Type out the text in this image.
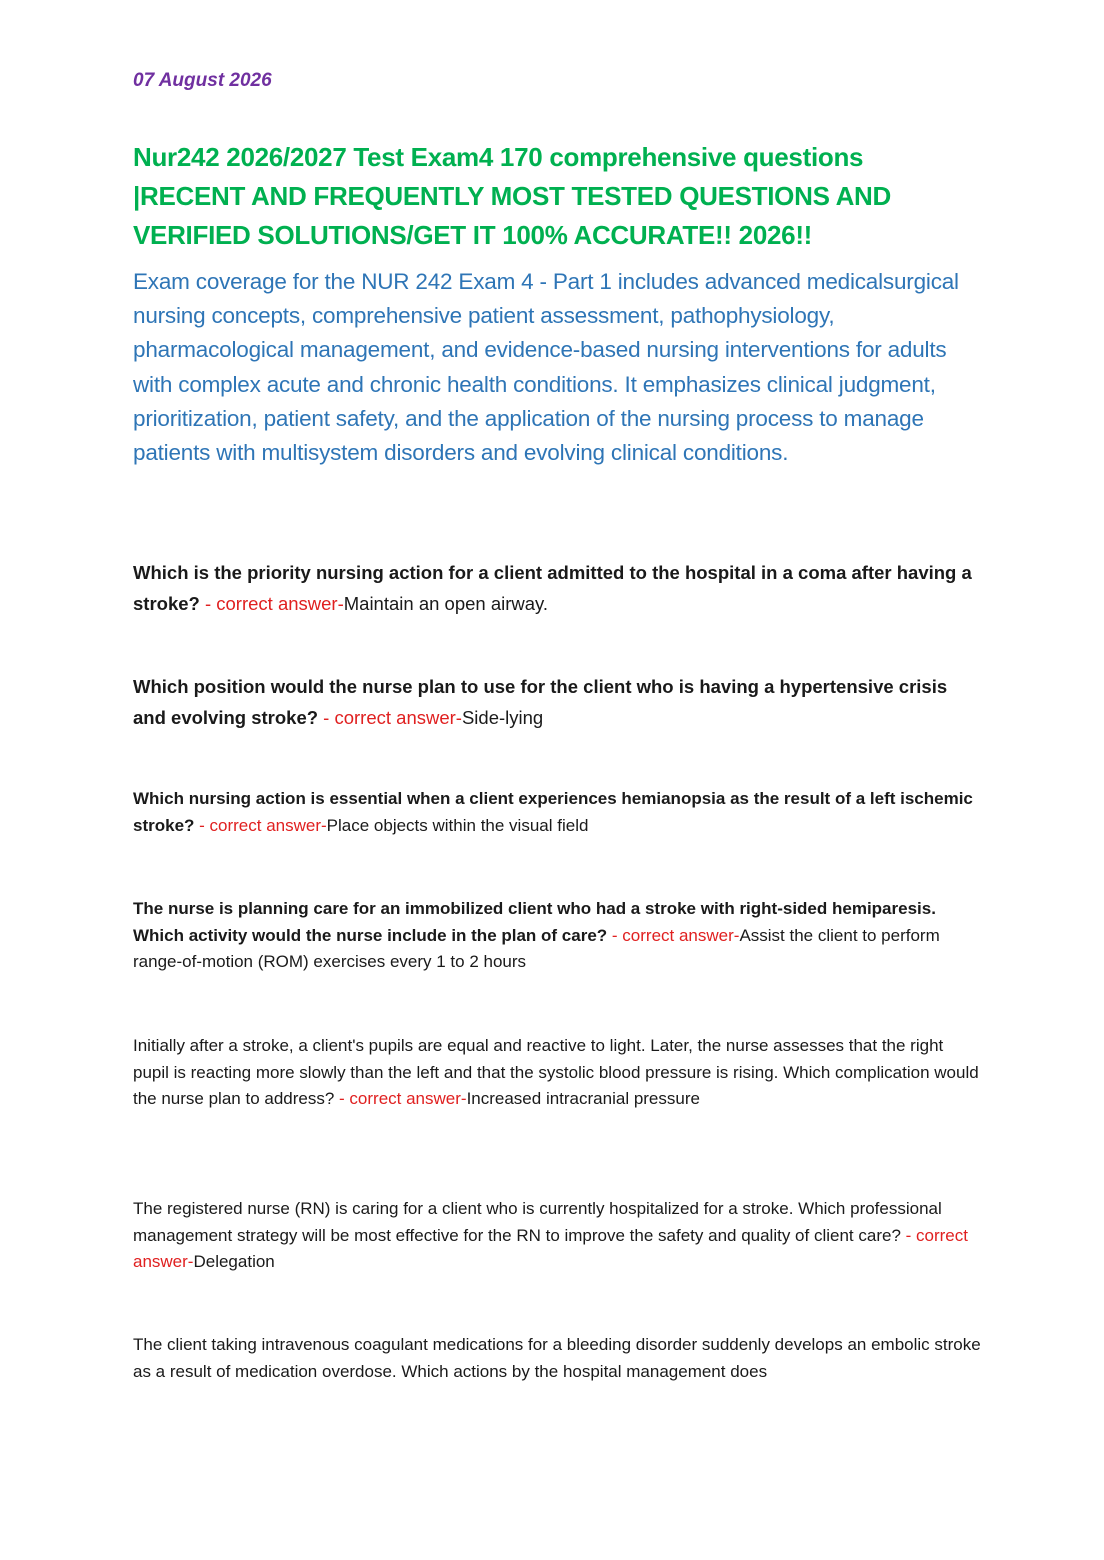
07 August 2026
Nur242 2026/2027 Test Exam4 170 comprehensive questions |RECENT AND FREQUENTLY MOST TESTED QUESTIONS AND VERIFIED SOLUTIONS/GET IT 100% ACCURATE!! 2026!!
Exam coverage for the NUR 242 Exam 4 - Part 1 includes advanced medicalsurgical nursing concepts, comprehensive patient assessment, pathophysiology, pharmacological management, and evidence-based nursing interventions for adults with complex acute and chronic health conditions. It emphasizes clinical judgment, prioritization, patient safety, and the application of the nursing process to manage patients with multisystem disorders and evolving clinical conditions.
Which is the priority nursing action for a client admitted to the hospital in a coma after having a stroke? - correct answer-Maintain an open airway.
Which position would the nurse plan to use for the client who is having a hypertensive crisis and evolving stroke? - correct answer-Side-lying
Which nursing action is essential when a client experiences hemianopsia as the result of a left ischemic stroke? - correct answer-Place objects within the visual field
The nurse is planning care for an immobilized client who had a stroke with right-sided hemiparesis. Which activity would the nurse include in the plan of care? - correct answer-Assist the client to perform range-of-motion (ROM) exercises every 1 to 2 hours
Initially after a stroke, a client's pupils are equal and reactive to light. Later, the nurse assesses that the right pupil is reacting more slowly than the left and that the systolic blood pressure is rising. Which complication would the nurse plan to address? - correct answer-Increased intracranial pressure
The registered nurse (RN) is caring for a client who is currently hospitalized for a stroke. Which professional management strategy will be most effective for the RN to improve the safety and quality of client care? - correct answer-Delegation
The client taking intravenous coagulant medications for a bleeding disorder suddenly develops an embolic stroke as a result of medication overdose. Which actions by the hospital management does
